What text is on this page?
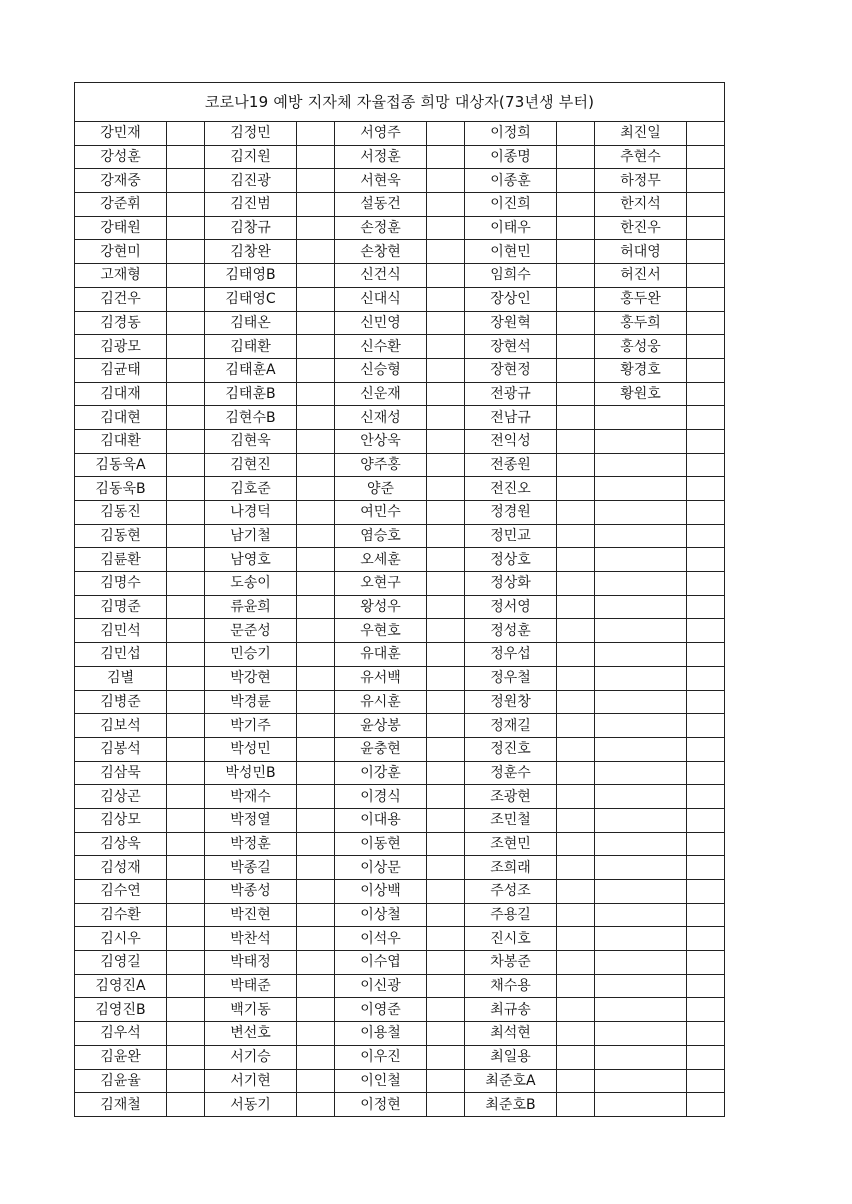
코로나19 예방 지자체 자율접종 희망 대상자(73년생 부터)									
강민재		김정민		서영주		이정희		최진일	
강성훈		김지원		서정훈		이종명		추현수	
강재중		김진광		서현욱		이종훈		하정무	
강준휘		김진범		설동건		이진희		한지석	
강태원		김창규		손정훈		이태우		한진우	
강현미		김창완		손창현		이현민		허대영	
고재형		김태영B		신건식		임희수		허진서	
김건우		김태영C		신대식		장상인		홍두완	
김경동		김태온		신민영		장원혁		홍두희	
김광모		김태환		신수환		장현석		홍성웅	
김균태		김태훈A		신승형		장현정		황경호	
김대재		김태훈B		신운재		전광규		황원호	
김대현		김현수B		신재성		전남규			
김대환		김현욱		안상욱		전익성			
김동욱A		김현진		양주홍		전종원			
김동욱B		김호준		양준		전진오			
김동진		나경덕		여민수		정경원			
김동현		남기철		염승호		정민교			
김륜환		남영호		오세훈		정상호			
김명수		도송이		오현구		정상화			
김명준		류윤희		왕성우		정서영			
김민석		문준성		우현호		정성훈			
김민섭		민승기		유대훈		정우섭			
김별		박강현		유서백		정우철			
김병준		박경륜		유시훈		정원창			
김보석		박기주		윤상봉		정재길			
김봉석		박성민		윤충현		정진호			
김삼묵		박성민B		이강훈		정훈수			
김상곤		박재수		이경식		조광현			
김상모		박정열		이대용		조민철			
김상욱		박정훈		이동현		조현민			
김성재		박종길		이상문		조희래			
김수연		박종성		이상백		주성조			
김수환		박진현		이상철		주용길			
김시우		박찬석		이석우		진시호			
김영길		박태정		이수엽		차봉준			
김영진A		박태준		이신광		채수용			
김영진B		백기동		이영준		최규송			
김우석		변선호		이용철		최석현			
김윤완		서기승		이우진		최일용			
김윤율		서기현		이인철		최준호A			
김재철		서동기		이정현		최준호B			
